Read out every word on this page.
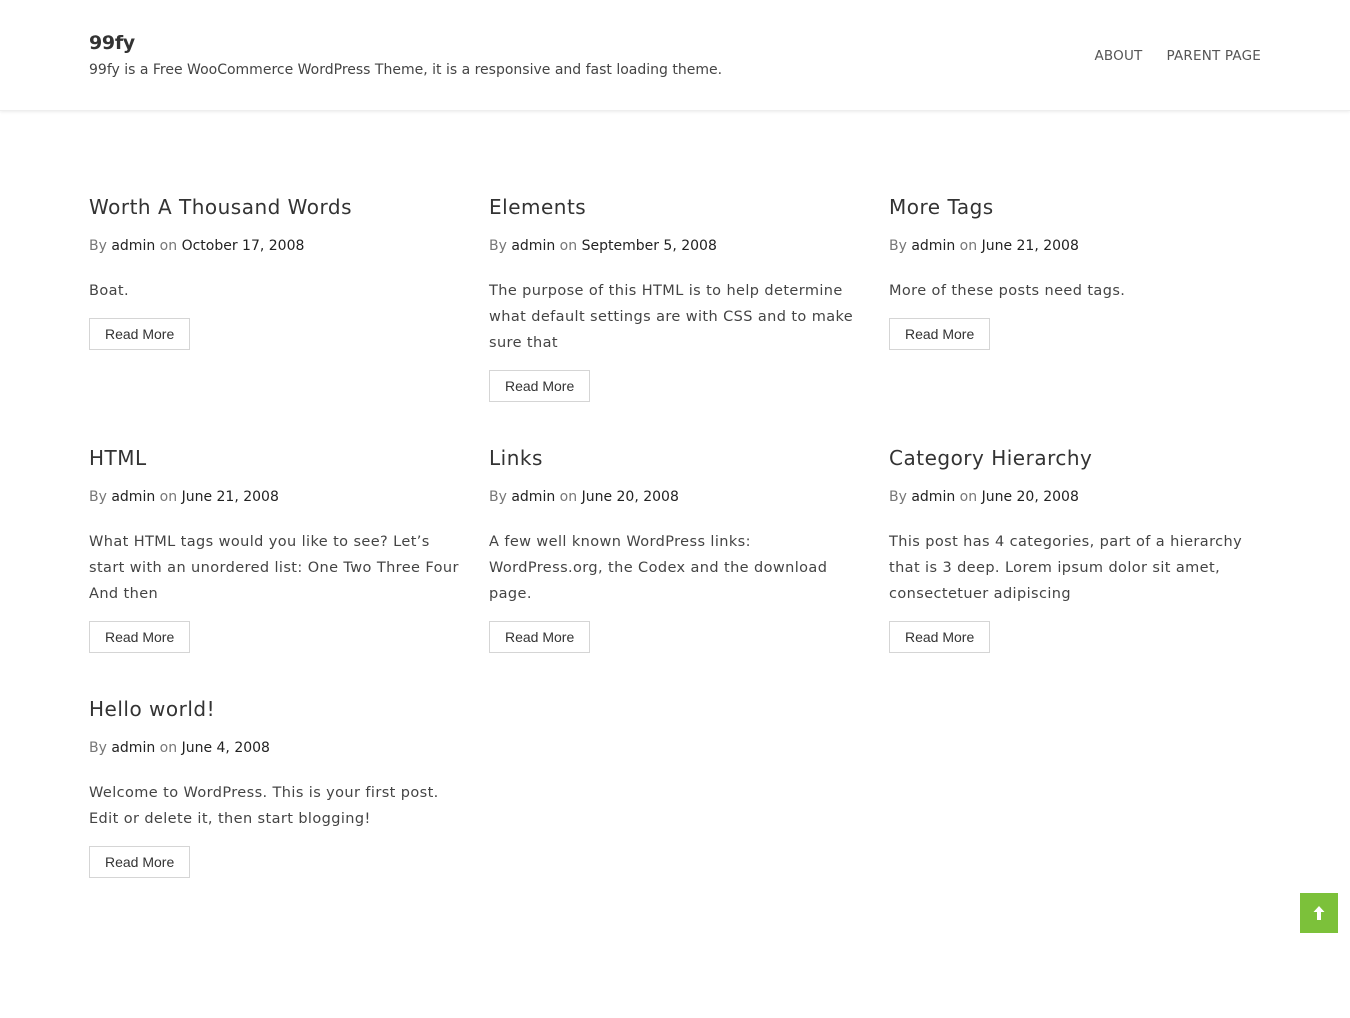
99fy
99fy is a Free WooCommerce WordPress Theme, it is a responsive and fast loading theme.
ABOUT PARENT PAGE
Worth A Thousand Words
By admin on October 17, 2008
Boat.
Read More
Elements
By admin on September 5, 2008
The purpose of this HTML is to help determine what default settings are with CSS and to make sure that
Read More
More Tags
By admin on June 21, 2008
More of these posts need tags.
Read More
HTML
By admin on June 21, 2008
What HTML tags would you like to see? Let’s start with an unordered list: One Two Three Four And then
Read More
Links
By admin on June 20, 2008
A few well known WordPress links: WordPress.org, the Codex and the download page.
Read More
Category Hierarchy
By admin on June 20, 2008
This post has 4 categories, part of a hierarchy that is 3 deep. Lorem ipsum dolor sit amet, consectetuer adipiscing
Read More
Hello world!
By admin on June 4, 2008
Welcome to WordPress. This is your first post. Edit or delete it, then start blogging!
Read More
